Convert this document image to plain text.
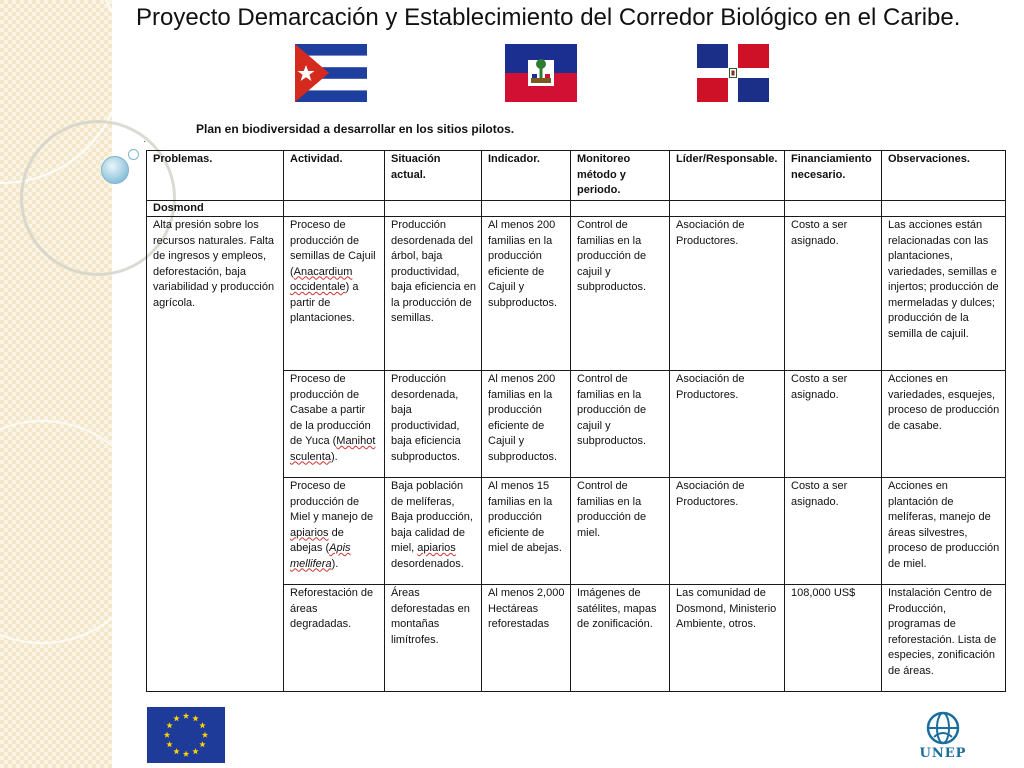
Proyecto Demarcación y Establecimiento del Corredor Biológico en el Caribe.
·
Plan en biodiversidad a desarrollar en los sitios pilotos.
Problemas.	Actividad.	Situación actual.	Indicador.	Monitoreo método y periodo.	Líder/Responsable.	Financiamiento necesario.	Observaciones.
Dosmond							
Alta presión sobre los recursos naturales. Falta de ingresos y empleos, deforestación, baja variabilidad y producción agrícola.	Proceso de producción de semillas de Cajuil (Anacardium occidentale) a partir de plantaciones.	Producción desordenada del árbol, baja productividad, baja eficiencia en la producción de semillas.	Al menos 200 familias en la producción eficiente de Cajuil y subproductos.	Control de familias en la producción de cajuil y subproductos.	Asociación de Productores.	Costo a ser asignado.	Las acciones están relacionadas con las plantaciones, variedades, semillas e injertos; producción de mermeladas y dulces; producción de la semilla de cajuil.
	Proceso de producción de Casabe a partir de la producción de Yuca (Manihot sculenta).	Producción desordenada, baja productividad, baja eficiencia subproductos.	Al menos 200 familias en la producción eficiente de Cajuil y subproductos.	Control de familias en la producción de cajuil y subproductos.	Asociación de Productores.	Costo a ser asignado.	Acciones en variedades, esquejes, proceso de producción de casabe.
	Proceso de producción de Miel y manejo de apiarios de abejas (Apis mellifera).	Baja población de melíferas, Baja producción, baja calidad de miel, apiarios desordenados.	Al menos 15 familias en la producción eficiente de miel de abejas.	Control de familias en la producción de miel.	Asociación de Productores.	Costo a ser asignado.	Acciones en plantación de melíferas, manejo de áreas silvestres, proceso de producción de miel.
	Reforestación de áreas degradadas.	Áreas deforestadas en montañas limítrofes.	Al menos 2,000 Hectáreas reforestadas	Imágenes de satélites, mapas de zonificación.	Las comunidad de Dosmond, Ministerio Ambiente, otros.	108,000 US$	Instalación Centro de Producción, programas de reforestación. Lista de especies, zonificación de áreas.
UNEP
